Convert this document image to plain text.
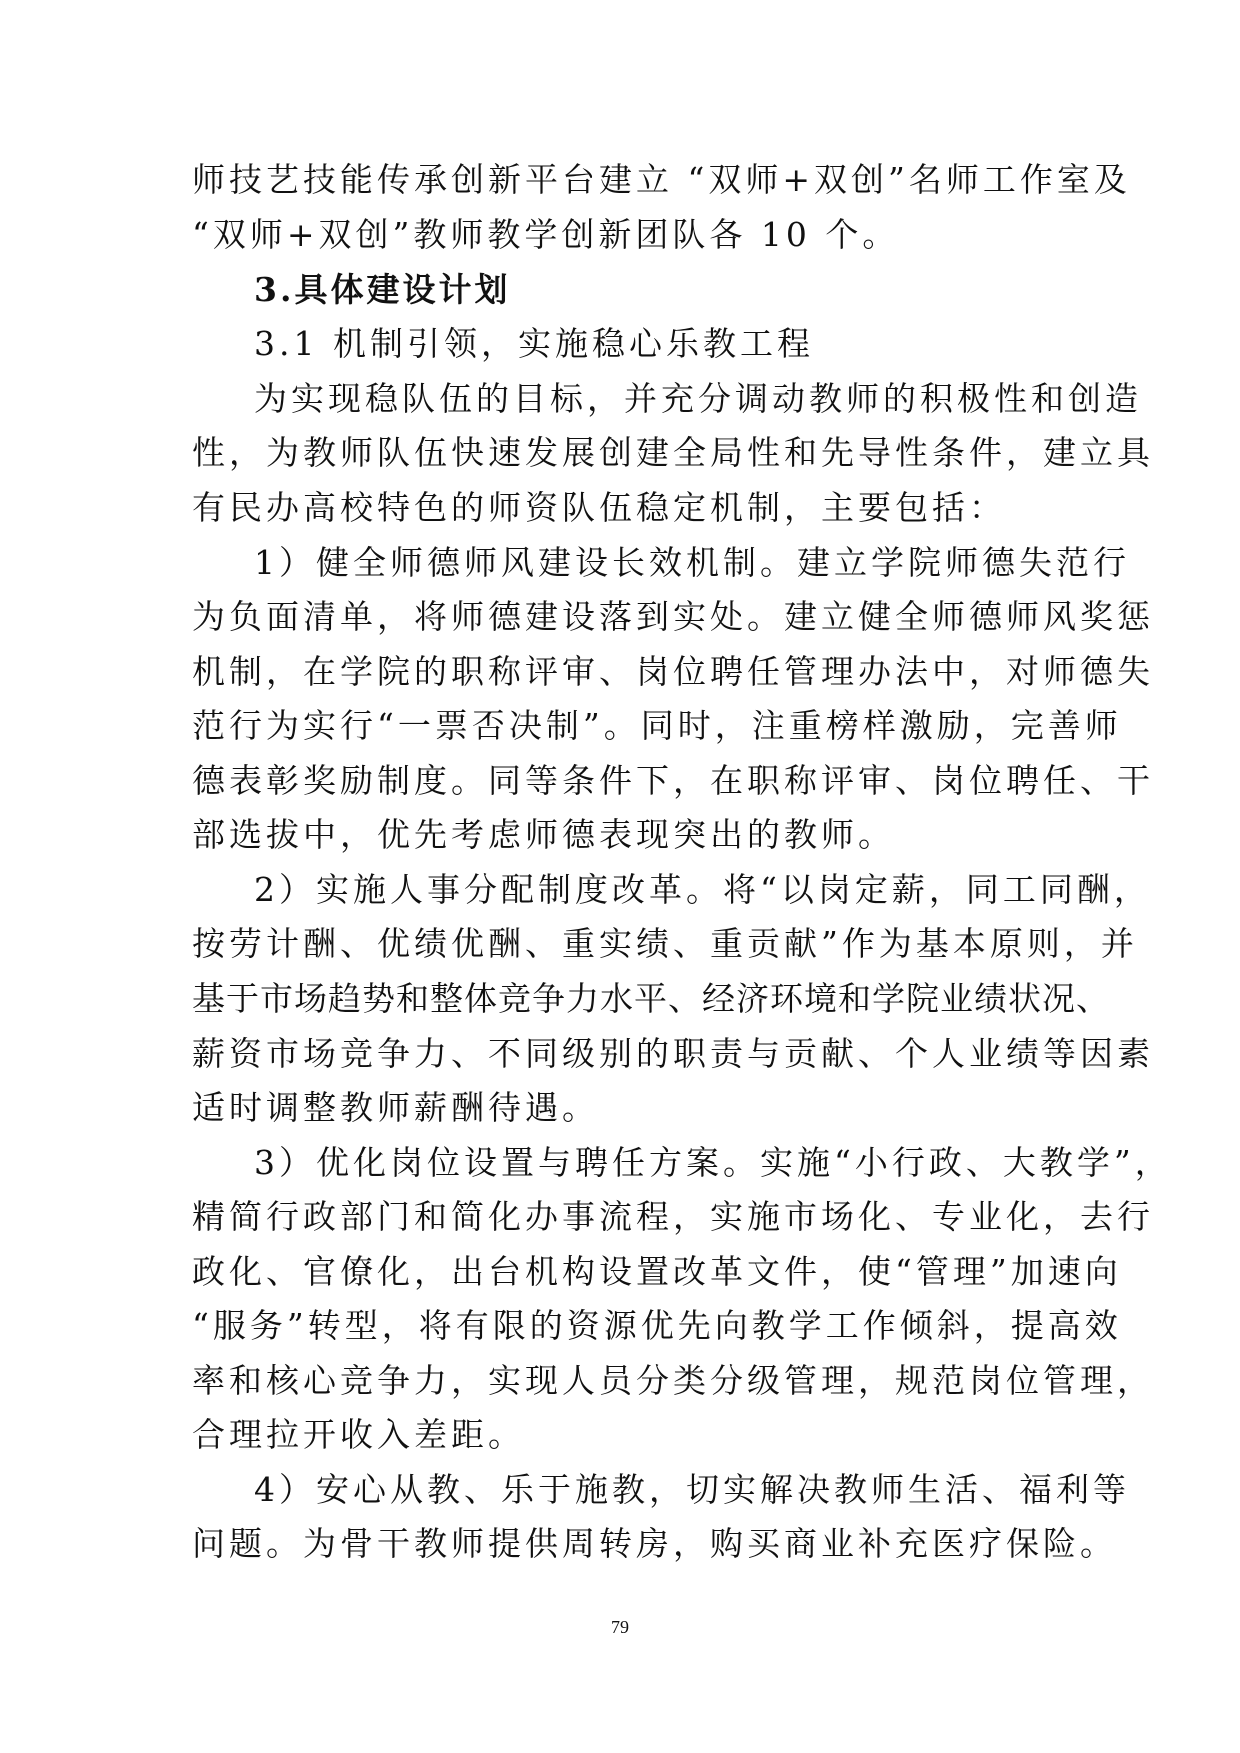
师技艺技能传承创新平台建立 “双师+双创”名师工作室及
“双师+双创”教师教学创新团队各 10 个。
3.具体建设计划
3.1 机制引领，实施稳心乐教工程
为实现稳队伍的目标，并充分调动教师的积极性和创造
性，为教师队伍快速发展创建全局性和先导性条件，建立具
有民办高校特色的师资队伍稳定机制，主要包括：
1）健全师德师风建设长效机制。建立学院师德失范行
为负面清单，将师德建设落到实处。建立健全师德师风奖惩
机制，在学院的职称评审、岗位聘任管理办法中，对师德失
范行为实行“一票否决制”。同时，注重榜样激励，完善师
德表彰奖励制度。同等条件下，在职称评审、岗位聘任、干
部选拔中，优先考虑师德表现突出的教师。
2）实施人事分配制度改革。将“以岗定薪，同工同酬，
按劳计酬、优绩优酬、重实绩、重贡献”作为基本原则，并
基于市场趋势和整体竞争力水平、经济环境和学院业绩状况、
薪资市场竞争力、不同级别的职责与贡献、个人业绩等因素
适时调整教师薪酬待遇。
3）优化岗位设置与聘任方案。实施“小行政、大教学”，
精简行政部门和简化办事流程，实施市场化、专业化，去行
政化、官僚化，出台机构设置改革文件，使“管理”加速向
“服务”转型，将有限的资源优先向教学工作倾斜，提高效
率和核心竞争力，实现人员分类分级管理，规范岗位管理，
合理拉开收入差距。
4）安心从教、乐于施教，切实解决教师生活、福利等
问题。为骨干教师提供周转房，购买商业补充医疗保险。
79
